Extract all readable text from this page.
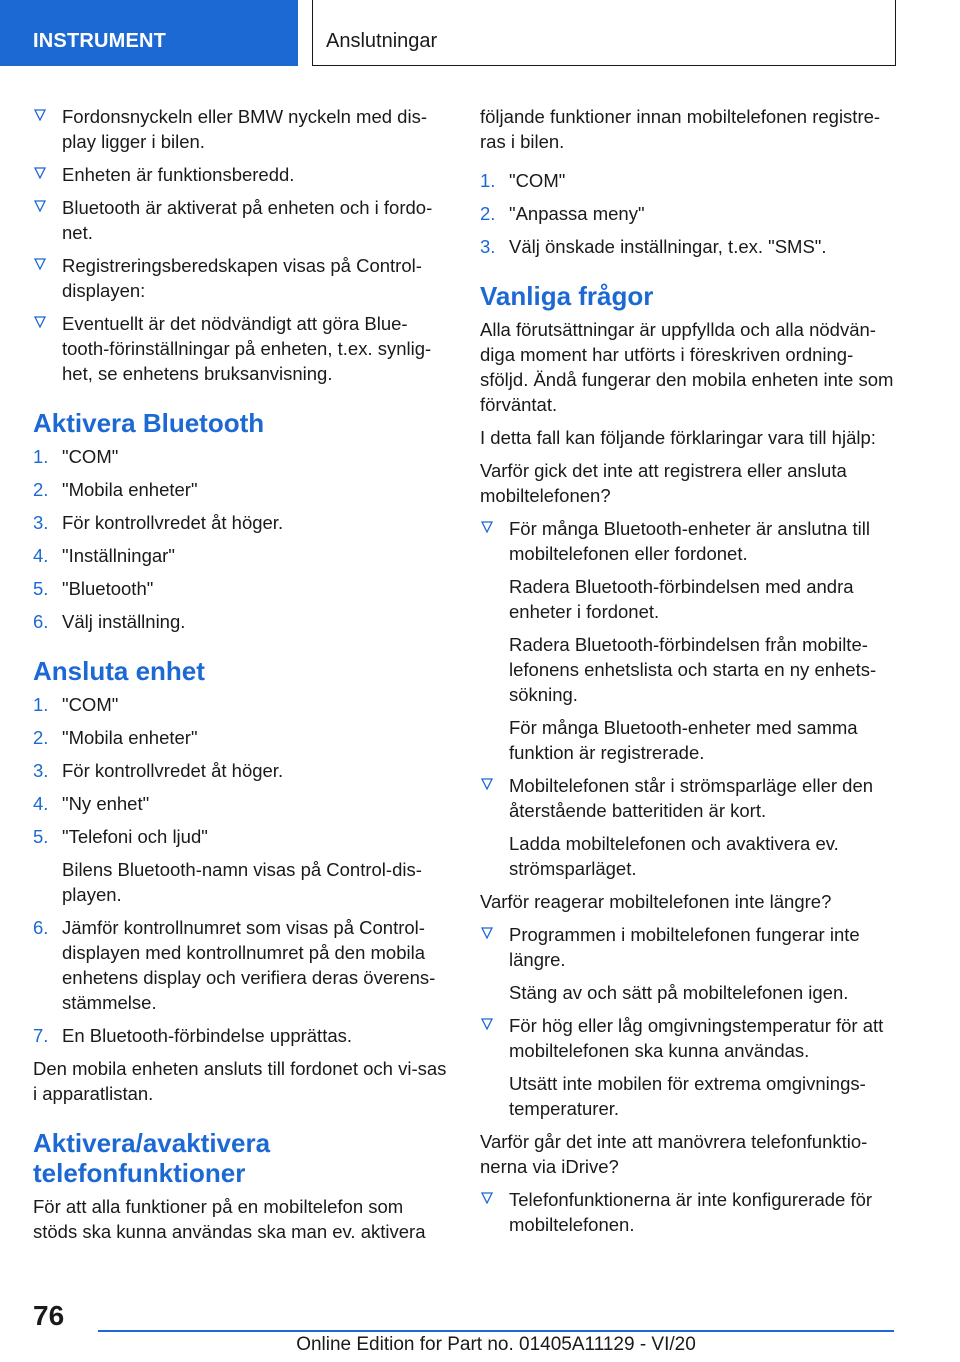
INSTRUMENT	Anslutningar
Fordonsnyckeln eller BMW nyckeln med dis-play ligger i bilen.
Enheten är funktionsberedd.
Bluetooth är aktiverat på enheten och i fordo-net.
Registreringsberedskapen visas på Control-displayen:
Eventuellt är det nödvändigt att göra Blue-tooth-förinställningar på enheten, t.ex. synlig-het, se enhetens bruksanvisning.
Aktivera Bluetooth
1. "COM"
2. "Mobila enheter"
3. För kontrollvredet åt höger.
4. "Inställningar"
5. "Bluetooth"
6. Välj inställning.
Ansluta enhet
1. "COM"
2. "Mobila enheter"
3. För kontrollvredet åt höger.
4. "Ny enhet"
5. "Telefoni och ljud"
Bilens Bluetooth-namn visas på Control-dis-playen.
6. Jämför kontrollnumret som visas på Control-displayen med kontrollnumret på den mobila enhetens display och verifiera deras överens-stämmelse.
7. En Bluetooth-förbindelse upprättas.
Den mobila enheten ansluts till fordonet och vi-sas i apparatlistan.
Aktivera/avaktivera telefonfunktioner
För att alla funktioner på en mobiltelefon som stöds ska kunna användas ska man ev. aktivera
följande funktioner innan mobiltelefonen registre-ras i bilen.
1. "COM"
2. "Anpassa meny"
3. Välj önskade inställningar, t.ex. "SMS".
Vanliga frågor
Alla förutsättningar är uppfyllda och alla nödvän-diga moment har utförts i föreskriven ordning-sföljd. Ändå fungerar den mobila enheten inte som förväntat.
I detta fall kan följande förklaringar vara till hjälp:
Varför gick det inte att registrera eller ansluta mobiltelefonen?
För många Bluetooth-enheter är anslutna till mobiltelefonen eller fordonet.
Radera Bluetooth-förbindelsen med andra enheter i fordonet.
Radera Bluetooth-förbindelsen från mobilte-lefonens enhetslista och starta en ny enhets-sökning.
För många Bluetooth-enheter med samma funktion är registrerade.
Mobiltelefonen står i strömsparläge eller den återstående batteritiden är kort.
Ladda mobiltelefonen och avaktivera ev. strömsparläget.
Varför reagerar mobiltelefonen inte längre?
Programmen i mobiltelefonen fungerar inte längre.
Stäng av och sätt på mobiltelefonen igen.
För hög eller låg omgivningstemperatur för att mobiltelefonen ska kunna användas.
Utsätt inte mobilen för extrema omgivnings-temperaturer.
Varför går det inte att manövrera telefonfunktio-nerna via iDrive?
Telefonfunktionerna är inte konfigurerade för mobiltelefonen.
76
Online Edition for Part no. 01405A11129 - VI/20
